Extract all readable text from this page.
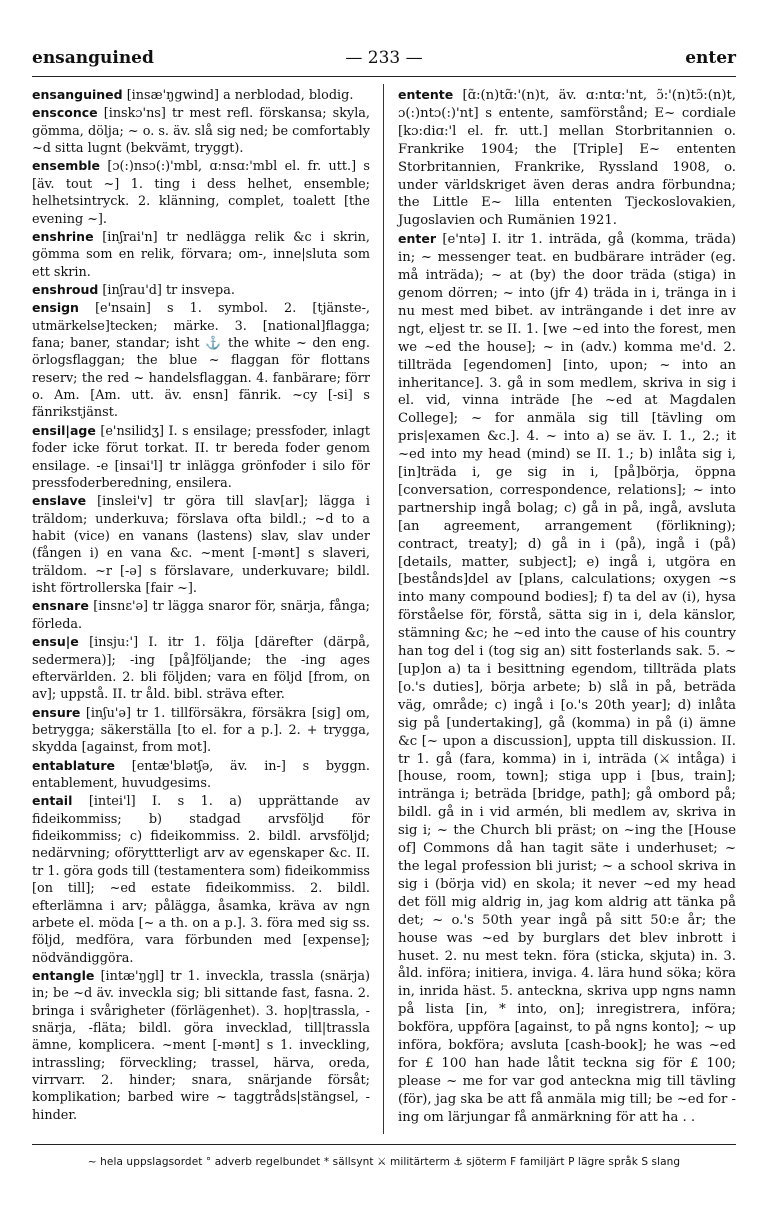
ensanguined	— 233 —	enter

ensanguined [insæ'ŋgwind] a nerblodad, blodig.

ensconce [inskɔ'ns] tr mest refl. förskansa; skyla, gömma, dölja; ~ o. s. äv. slå sig ned; be comfortably ~d sitta lugnt (bekvämt, tryggt).

ensemble [ɔ(:)nsɔ(:)'mbl, ɑ:nsɑ:'mbl el. fr. utt.] s [äv. tout ~] 1. ting i dess helhet, ensemble; helhetsintryck. 2. klänning, complet, toalett [the evening ~].

enshrine [inʃrai'n] tr nedlägga relik &c i skrin, gömma som en relik, förvara; om-, inne|sluta som ett skrin.

enshroud [inʃrau'd] tr insvepa.

ensign [e'nsain] s 1. symbol. 2. [tjänste-, utmärkelse]tecken; märke. 3. [national]flagga; fana; baner, standar; isht ⚓ the white ~ den eng. örlogsflaggan; the blue ~ flaggan för flottans reserv; the red ~ handelsflaggan. 4. fanbärare; förr o. Am. [Am. utt. äv. ensn] fänrik. ~cy [-si] s fänrikstjänst.

ensil|age [e'nsilidʒ] I. s ensilage; pressfoder, inlagt foder icke förut torkat. II. tr bereda foder genom ensilage. -e [insai'l] tr inlägga grönfoder i silo för pressfoderberedning, ensilera.

enslave [inslei'v] tr göra till slav[ar]; lägga i träldom; underkuva; förslava ofta bildl.; ~d to a habit (vice) en vanans (lastens) slav, slav under (fången i) en vana &c. ~ment [-mənt] s slaveri, träldom. ~r [-ə] s förslavare, underkuvare; bildl. isht förtrollerska [fair ~].

ensnare [insnɛ'ə] tr lägga snaror för, snärja, fånga; förleda.

ensu|e [insju:'] I. itr 1. följa [därefter (därpå, sedermera)]; -ing [på]följande; the -ing ages eftervärlden. 2. bli följden; vara en följd [from, on av]; uppstå. II. tr åld. bibl. sträva efter.

ensure [inʃu'ə] tr 1. tillförsäkra, försäkra [sig] om, betrygga; säkerställa [to el. for a p.]. 2. + trygga, skydda [against, from mot].

entablature [entæ'blətʃə, äv. in-] s byggn. entablement, huvudgesims.

entail [intei'l] I. s 1. a) upprättande av fideikommiss; b) stadgad arvsföljd för fideikommiss; c) fideikommiss. 2. bildl. arvsföljd; nedärvning; oföryttterligt arv av egenskaper &c. II. tr 1. göra gods till (testamentera som) fideikommiss [on till]; ~ed estate fideikommiss. 2. bildl. efterlämna i arv; pålägga, åsamka, kräva av ngn arbete el. möda [~ a th. on a p.]. 3. föra med sig ss. följd, medföra, vara förbunden med [expense]; nödvändiggöra.

entangle [intæ'ŋgl] tr 1. inveckla, trassla (snärja) in; be ~d äv. inveckla sig; bli sittande fast, fasna. 2. bringa i svårigheter (förlägenhet). 3. hop|trassla, -snärja, -fläta; bildl. göra invecklad, till|trassla ämne, komplicera. ~ment [-mənt] s 1. inveckling, intrassling; förveckling; trassel, härva, oreda, virrvarr. 2. hinder; snara, snärjande försåt; komplikation; barbed wire ~ taggtråds|stängsel, -hinder.

entente [ɑ̃:(n)tɑ̃:'(n)t, äv. ɑ:ntɑ:'nt, ɔ̃:'(n)tɔ̃:(n)t, ɔ(:)ntɔ(:)'nt] s entente, samförstånd; E~ cordiale [kɔ:diɑ:'l el. fr. utt.] mellan Storbritannien o. Frankrike 1904; the [Triple] E~ ententen Storbritannien, Frankrike, Ryssland 1908, o. under världskriget även deras andra förbundna; the Little E~ lilla ententen Tjeckoslovakien, Jugoslavien och Rumänien 1921.

enter [e'ntə] I. itr 1. inträda, gå (komma, träda) in; ~ messenger teat. en budbärare inträder (eg. må inträda); ~ at (by) the door träda (stiga) in genom dörren; ~ into (jfr 4) träda in i, tränga in i nu mest med bibet. av inträngande i det inre av ngt, eljest tr. se II. 1. [we ~ed into the forest, men we ~ed the house]; ~ in (adv.) komma me'd. 2. tillträda [egendomen] [into, upon; ~ into an inheritance]. 3. gå in som medlem, skriva in sig i el. vid, vinna inträde [he ~ed at Magdalen College]; ~ for anmäla sig till [tävling om pris|examen &c.]. 4. ~ into a) se äv. I. 1., 2.; it ~ed into my head (mind) se II. 1.; b) inlåta sig i, [in]träda i, ge sig in i, [på]börja, öppna [conversation, correspondence, relations]; ~ into partnership ingå bolag; c) gå in på, ingå, avsluta [an agreement, arrangement (förlikning); contract, treaty]; d) gå in i (på), ingå i (på) [details, matter, subject]; e) ingå i, utgöra en [bestånds]del av [plans, calculations; oxygen ~s into many compound bodies]; f) ta del av (i), hysa förståelse för, förstå, sätta sig in i, dela känslor, stämning &c; he ~ed into the cause of his country han tog del i (tog sig an) sitt fosterlands sak. 5. ~ [up]on a) ta i besittning egendom, tillträda plats [o.'s duties], börja arbete; b) slå in på, beträda väg, område; c) ingå i [o.'s 20th year]; d) inlåta sig på [undertaking], gå (komma) in på (i) ämne &c [~ upon a discussion], uppta till diskussion. II. tr 1. gå (fara, komma) in i, inträda (⚔ intåga) i [house, room, town]; stiga upp i [bus, train]; intränga i; beträda [bridge, path]; gå ombord på; bildl. gå in i vid armén, bli medlem av, skriva in sig i; ~ the Church bli präst; on ~ing the [House of] Commons då han tagit säte i underhuset; ~ the legal profession bli jurist; ~ a school skriva in sig i (börja vid) en skola; it never ~ed my head det föll mig aldrig in, jag kom aldrig att tänka på det; ~ o.'s 50th year ingå på sitt 50:e år; the house was ~ed by burglars det blev inbrott i huset. 2. nu mest tekn. föra (sticka, skjuta) in. 3. åld. införa; initiera, inviga. 4. lära hund söka; köra in, inrida häst. 5. anteckna, skriva upp ngns namn på lista [in, * into, on]; inregistrera, införa; bokföra, uppföra [against, to på ngns konto]; ~ up införa, bokföra; avsluta [cash-book]; he was ~ed for £ 100 han hade låtit teckna sig för £ 100; please ~ me for var god anteckna mig till tävling (för), jag ska be att få anmäla mig till; be ~ed for -ing om lärjungar få anmärkning för att ha . .

~ hela uppslagsordet ° adverb regelbundet * sällsynt ⚔ militärterm ⚓ sjöterm F familjärt P lägre språk S slang
